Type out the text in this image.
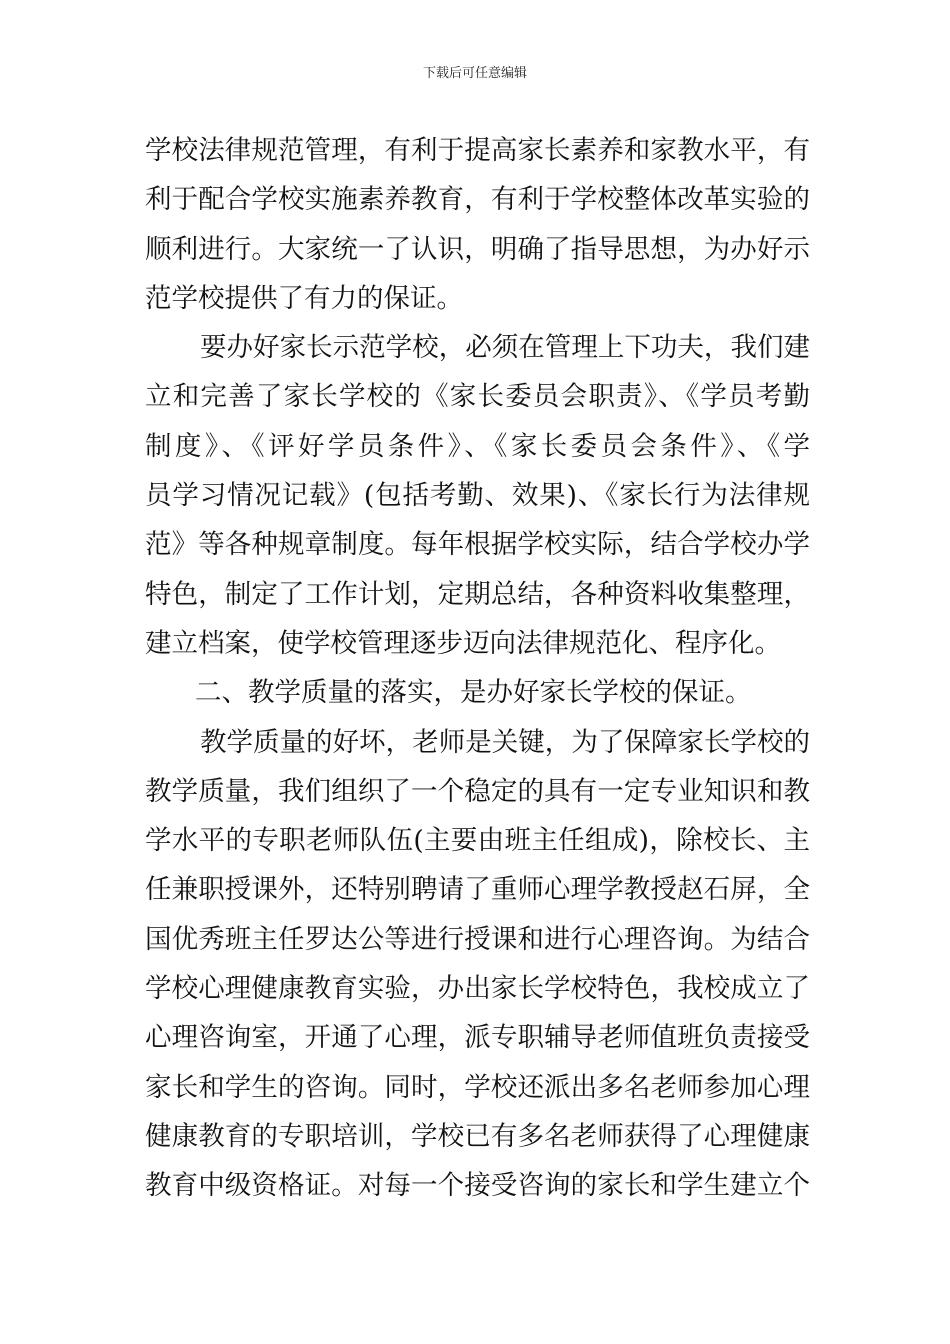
下载后可任意编辑
学校法律规范管理，有利于提高家长素养和家教水平，有
利于配合学校实施素养教育，有利于学校整体改革实验的
顺利进行。大家统一了认识，明确了指导思想，为办好示
范学校提供了有力的保证。
要办好家长示范学校，必须在管理上下功夫，我们建
立和完善了家长学校的《家长委员会职责》、《学员考勤
制度》、《评好学员条件》、《家长委员会条件》、《学
员学习情况记载》(包括考勤、效果)、《家长行为法律规
范》等各种规章制度。每年根据学校实际，结合学校办学
特色，制定了工作计划，定期总结，各种资料收集整理，
建立档案，使学校管理逐步迈向法律规范化、程序化。
二、教学质量的落实，是办好家长学校的保证。
教学质量的好坏，老师是关键，为了保障家长学校的
教学质量，我们组织了一个稳定的具有一定专业知识和教
学水平的专职老师队伍(主要由班主任组成)，除校长、主
任兼职授课外，还特别聘请了重师心理学教授赵石屏，全
国优秀班主任罗达公等进行授课和进行心理咨询。为结合
学校心理健康教育实验，办出家长学校特色，我校成立了
心理咨询室，开通了心理，派专职辅导老师值班负责接受
家长和学生的咨询。同时，学校还派出多名老师参加心理
健康教育的专职培训，学校已有多名老师获得了心理健康
教育中级资格证。对每一个接受咨询的家长和学生建立个
